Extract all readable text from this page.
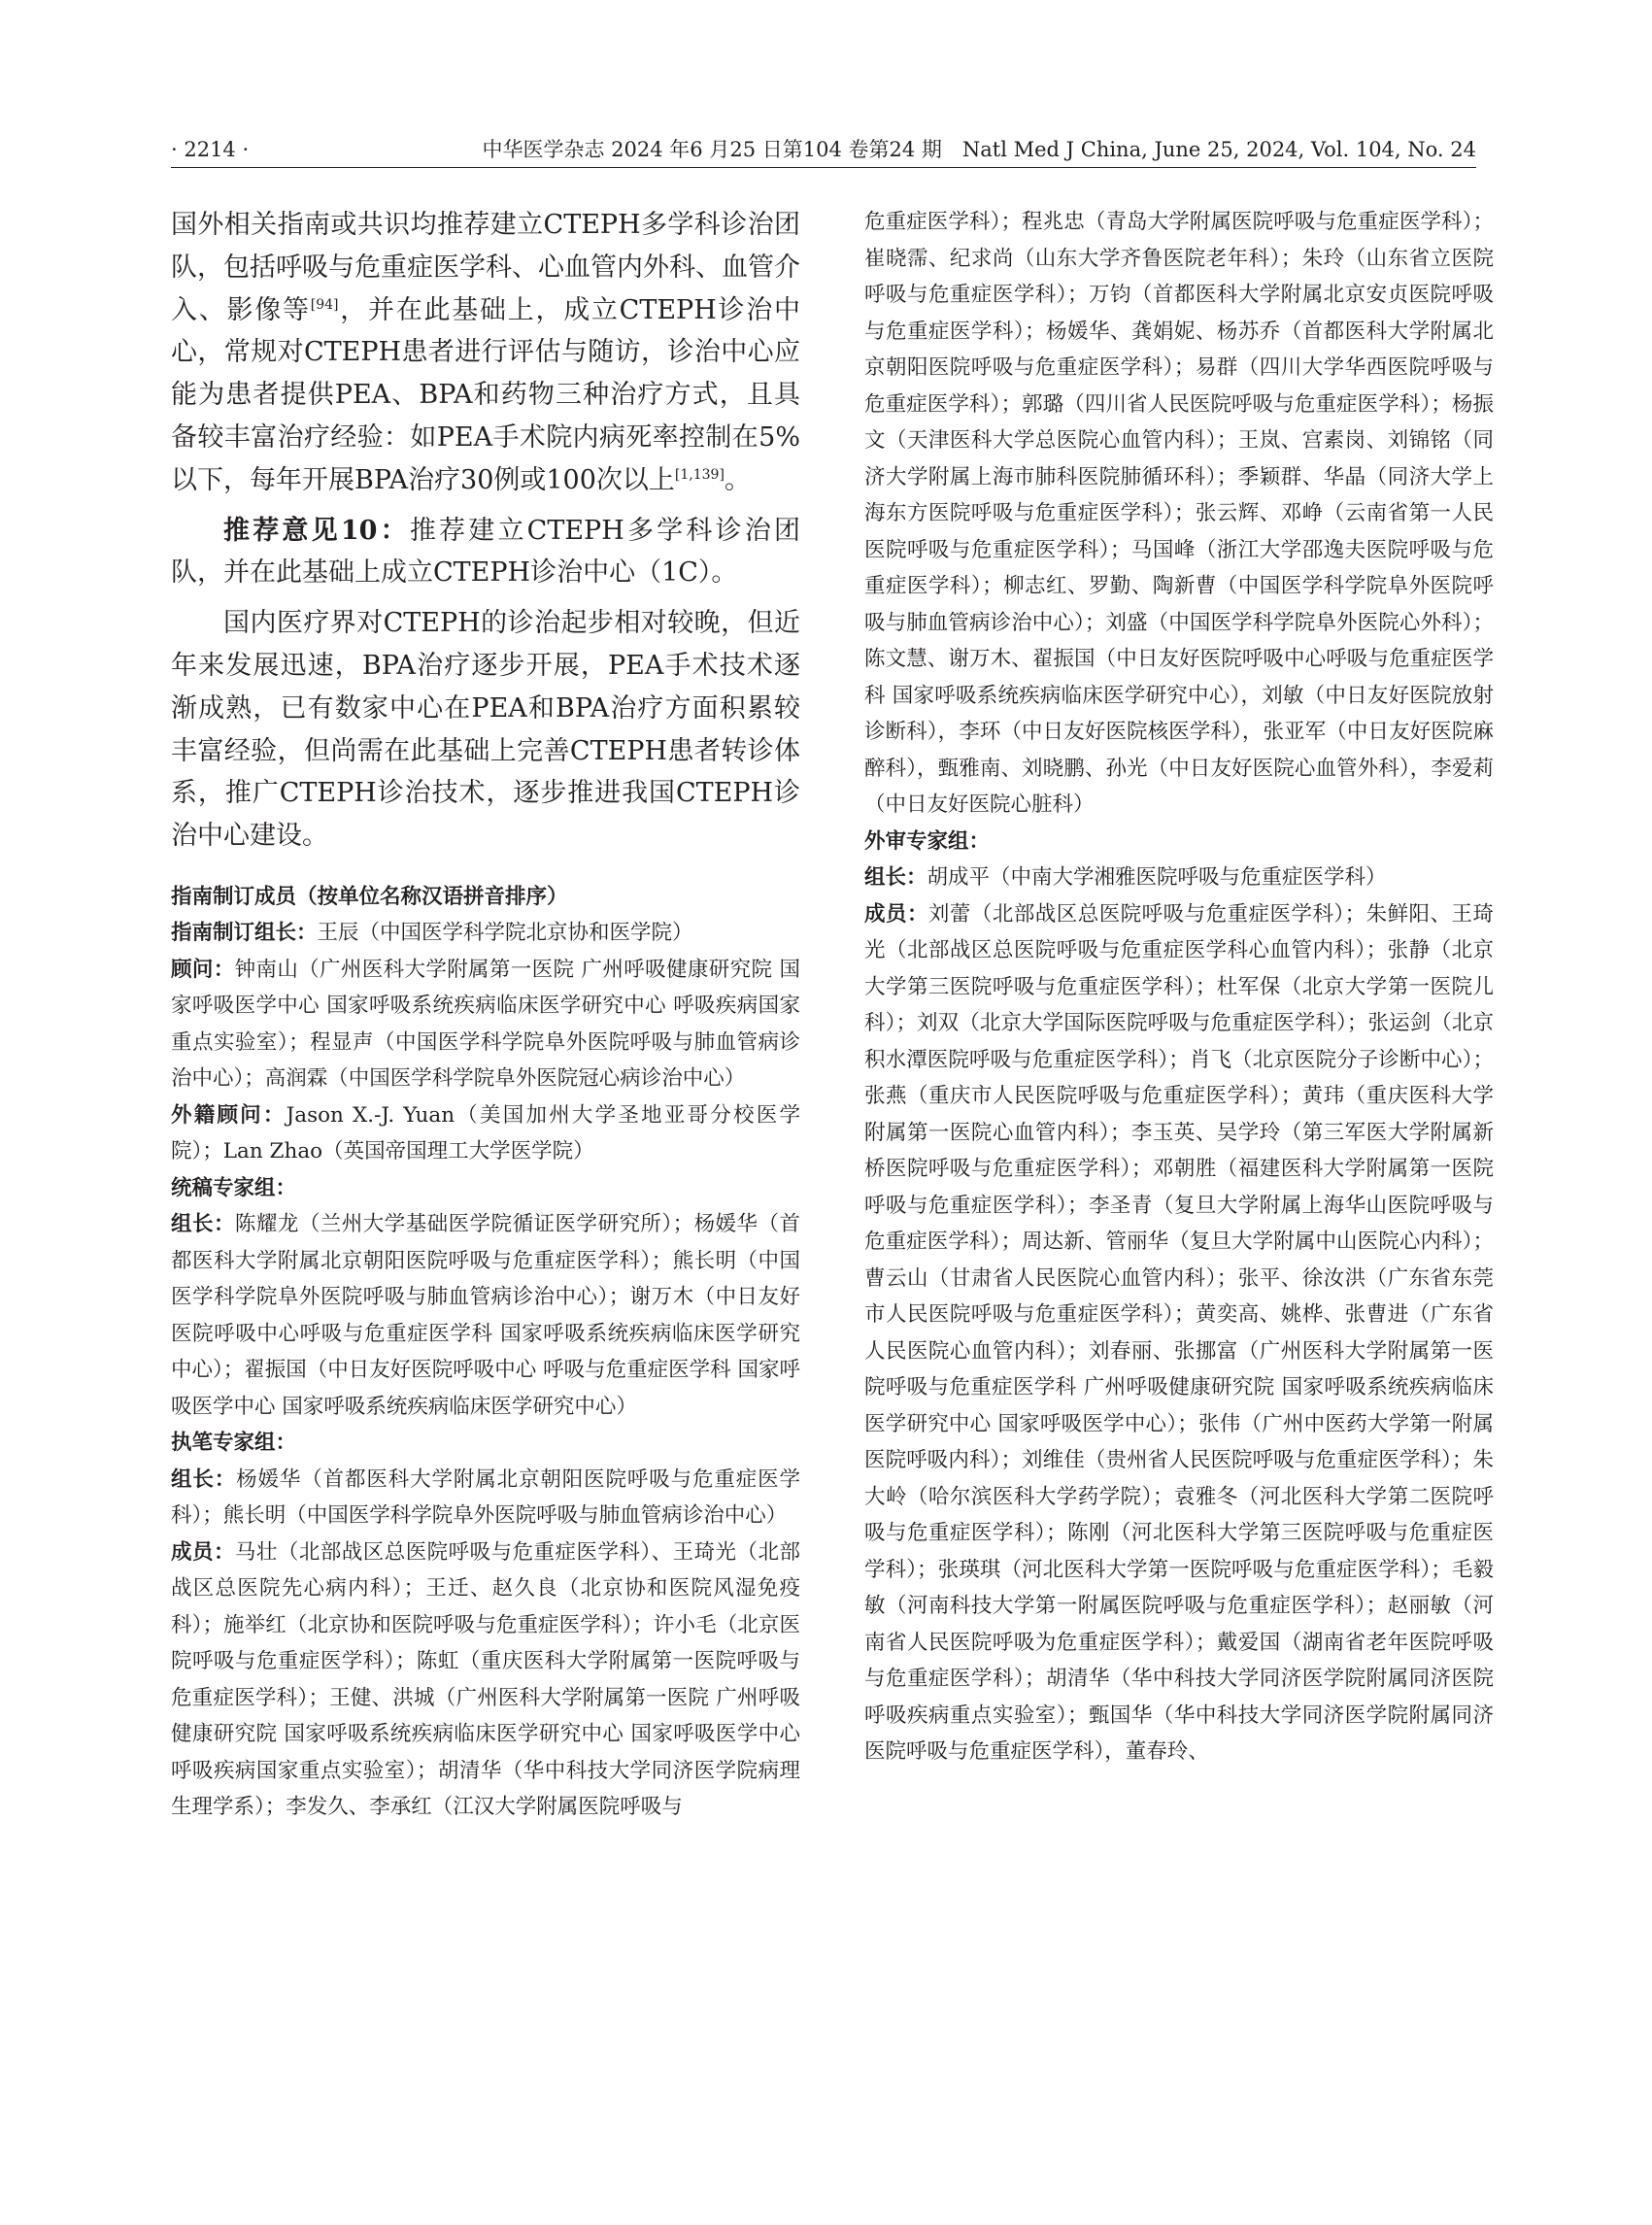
· 2214 ·	中华医学杂志 2024 年6 月25 日第104 卷第24 期　Natl Med J China, June 25, 2024, Vol. 104, No. 24

国外相关指南或共识均推荐建立CTEPH多学科诊治团队，包括呼吸与危重症医学科、心血管内外科、血管介入、影像等[94]，并在此基础上，成立CTEPH诊治中心，常规对CTEPH患者进行评估与随访，诊治中心应能为患者提供PEA、BPA和药物三种治疗方式，且具备较丰富治疗经验：如PEA手术院内病死率控制在5%以下，每年开展BPA治疗30例或100次以上[1,139]。

推荐意见10：推荐建立CTEPH多学科诊治团队，并在此基础上成立CTEPH诊治中心（1C）。

国内医疗界对CTEPH的诊治起步相对较晚，但近年来发展迅速，BPA治疗逐步开展，PEA手术技术逐渐成熟，已有数家中心在PEA和BPA治疗方面积累较丰富经验，但尚需在此基础上完善CTEPH患者转诊体系，推广CTEPH诊治技术，逐步推进我国CTEPH诊治中心建设。

指南制订成员（按单位名称汉语拼音排序）

指南制订组长：王辰（中国医学科学院北京协和医学院）

顾问：钟南山（广州医科大学附属第一医院 广州呼吸健康研究院 国家呼吸医学中心 国家呼吸系统疾病临床医学研究中心 呼吸疾病国家重点实验室）；程显声（中国医学科学院阜外医院呼吸与肺血管病诊治中心）；高润霖（中国医学科学院阜外医院冠心病诊治中心）

外籍顾问：Jason X.-J. Yuan（美国加州大学圣地亚哥分校医学院）；Lan Zhao（英国帝国理工大学医学院）

统稿专家组：

组长：陈耀龙（兰州大学基础医学院循证医学研究所）；杨媛华（首都医科大学附属北京朝阳医院呼吸与危重症医学科）；熊长明（中国医学科学院阜外医院呼吸与肺血管病诊治中心）；谢万木（中日友好医院呼吸中心呼吸与危重症医学科 国家呼吸系统疾病临床医学研究中心）；翟振国（中日友好医院呼吸中心 呼吸与危重症医学科 国家呼吸医学中心 国家呼吸系统疾病临床医学研究中心）

执笔专家组：

组长：杨媛华（首都医科大学附属北京朝阳医院呼吸与危重症医学科）；熊长明（中国医学科学院阜外医院呼吸与肺血管病诊治中心）

成员：马壮（北部战区总医院呼吸与危重症医学科）、王琦光（北部战区总医院先心病内科）；王迁、赵久良（北京协和医院风湿免疫科）；施举红（北京协和医院呼吸与危重症医学科）；许小毛（北京医院呼吸与危重症医学科）；陈虹（重庆医科大学附属第一医院呼吸与危重症医学科）；王健、洪城（广州医科大学附属第一医院 广州呼吸健康研究院 国家呼吸系统疾病临床医学研究中心 国家呼吸医学中心 呼吸疾病国家重点实验室）；胡清华（华中科技大学同济医学院病理生理学系）；李发久、李承红（江汉大学附属医院呼吸与

危重症医学科）；程兆忠（青岛大学附属医院呼吸与危重症医学科）；崔晓霈、纪求尚（山东大学齐鲁医院老年科）；朱玲（山东省立医院呼吸与危重症医学科）；万钧（首都医科大学附属北京安贞医院呼吸与危重症医学科）；杨媛华、龚娟妮、杨苏乔（首都医科大学附属北京朝阳医院呼吸与危重症医学科）；易群（四川大学华西医院呼吸与危重症医学科）；郭璐（四川省人民医院呼吸与危重症医学科）；杨振文（天津医科大学总医院心血管内科）；王岚、宫素岗、刘锦铭（同济大学附属上海市肺科医院肺循环科）；季颖群、华晶（同济大学上海东方医院呼吸与危重症医学科）；张云辉、邓峥（云南省第一人民医院呼吸与危重症医学科）；马国峰（浙江大学邵逸夫医院呼吸与危重症医学科）；柳志红、罗勤、陶新曹（中国医学科学院阜外医院呼吸与肺血管病诊治中心）；刘盛（中国医学科学院阜外医院心外科）；陈文慧、谢万木、翟振国（中日友好医院呼吸中心呼吸与危重症医学科 国家呼吸系统疾病临床医学研究中心），刘敏（中日友好医院放射诊断科），李环（中日友好医院核医学科），张亚军（中日友好医院麻醉科），甄雅南、刘晓鹏、孙光（中日友好医院心血管外科），李爱莉（中日友好医院心脏科）

外审专家组：

组长：胡成平（中南大学湘雅医院呼吸与危重症医学科）

成员：刘蕾（北部战区总医院呼吸与危重症医学科）；朱鲜阳、王琦光（北部战区总医院呼吸与危重症医学科心血管内科）；张静（北京大学第三医院呼吸与危重症医学科）；杜军保（北京大学第一医院儿科）；刘双（北京大学国际医院呼吸与危重症医学科）；张运剑（北京积水潭医院呼吸与危重症医学科）；肖飞（北京医院分子诊断中心）；张燕（重庆市人民医院呼吸与危重症医学科）；黄玮（重庆医科大学附属第一医院心血管内科）；李玉英、吴学玲（第三军医大学附属新桥医院呼吸与危重症医学科）；邓朝胜（福建医科大学附属第一医院呼吸与危重症医学科）；李圣青（复旦大学附属上海华山医院呼吸与危重症医学科）；周达新、管丽华（复旦大学附属中山医院心内科）；曹云山（甘肃省人民医院心血管内科）；张平、徐汝洪（广东省东莞市人民医院呼吸与危重症医学科）；黄奕高、姚桦、张曹进（广东省人民医院心血管内科）；刘春丽、张挪富（广州医科大学附属第一医院呼吸与危重症医学科 广州呼吸健康研究院 国家呼吸系统疾病临床医学研究中心 国家呼吸医学中心）；张伟（广州中医药大学第一附属医院呼吸内科）；刘维佳（贵州省人民医院呼吸与危重症医学科）；朱大岭（哈尔滨医科大学药学院）；袁雅冬（河北医科大学第二医院呼吸与危重症医学科）；陈刚（河北医科大学第三医院呼吸与危重症医学科）；张瑛琪（河北医科大学第一医院呼吸与危重症医学科）；毛毅敏（河南科技大学第一附属医院呼吸与危重症医学科）；赵丽敏（河南省人民医院呼吸为危重症医学科）；戴爱国（湖南省老年医院呼吸与危重症医学科）；胡清华（华中科技大学同济医学院附属同济医院呼吸疾病重点实验室）；甄国华（华中科技大学同济医学院附属同济医院呼吸与危重症医学科），董春玲、
